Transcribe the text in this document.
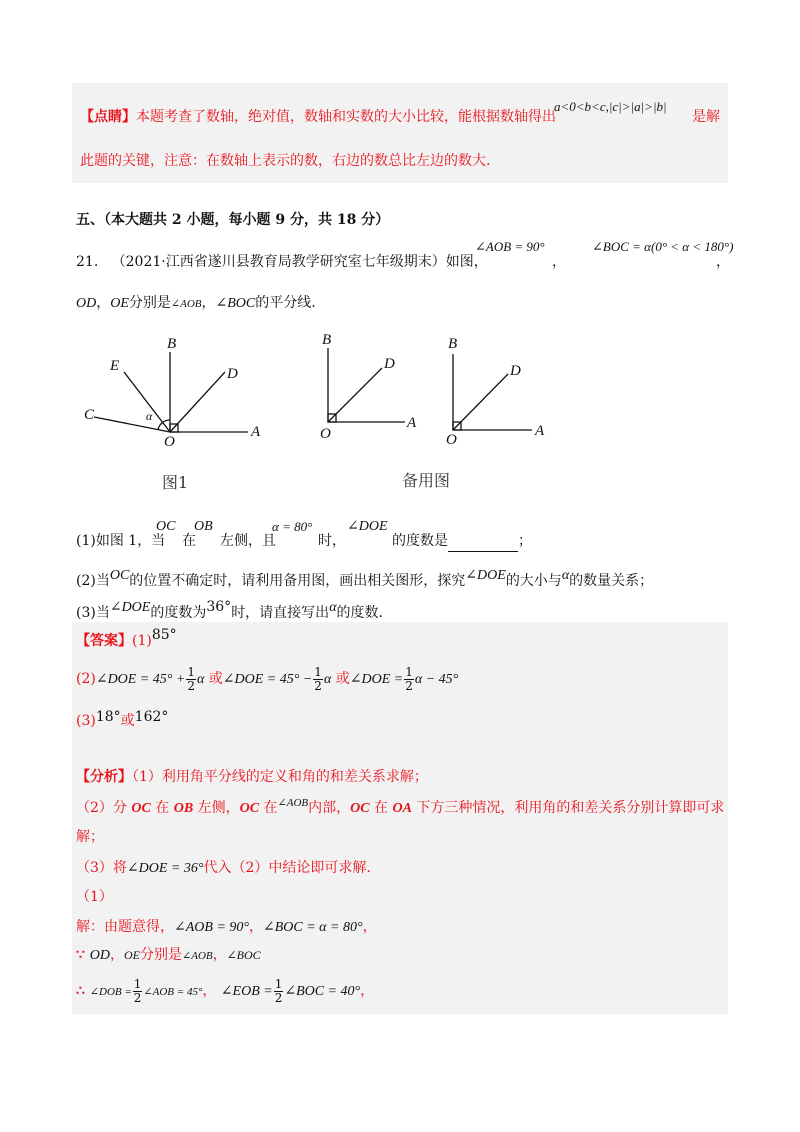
【点睛】本题考查了数轴，绝对值，数轴和实数的大小比较，能根据数轴得出
a<0<b<c,|c|>|a|>|b|
是解
此题的关键，注意：在数轴上表示的数，右边的数总比左边的数大.
五、（本大题共 2 小题，每小题 9 分，共 18 分）
21. （2021·江西省遂川县教育局教学研究室七年级期末）如图，
∠AOB = 90°
，
∠BOC = α(0° < α < 180°)
，
OD，OE分别是∠AOB，∠BOC的平分线.
B
E	D
C	α
O
A
B
D
O
A
B
D
O
A
图1	备用图
(1)如图 1，当
OC
在
OB
左侧，且
α = 80°
时，
∠DOE
的度数是	；
(2)当OC的位置不确定时，请利用备用图，画出相关图形，探究∠DOE的大小与α的数量关系；
(3)当∠DOE的度数为36°时，请直接写出α的度数.
【答案】(1)85°
(2)∠DOE = $45^\circ + \frac{1}{2}$ α 或∠DOE = $45^\circ - \frac{1}{2}$ α 或∠DOE = $\frac{1}{2}$ α − 45°
(3)18°或162°
【分析】（1）利用角平分线的定义和角的和差关系求解；
（2）分 OC 在 OB 左侧，OC 在$^{\angle AOB}$内部，OC 在 OA 下方三种情况，利用角的和差关系分别计算即可求
解；
（3）将∠DOE = 36°代入（2）中结论即可求解.
（1）
解：由题意得，∠AOB = 90°，∠BOC = α = 80°，
∵ OD，OE分别是∠AOB，∠BOC
∴ ∠DOB = $\frac{1}{2}$ ∠AOB = 45°， ∠EOB = $\frac{1}{2}$ ∠BOC = 40°，
